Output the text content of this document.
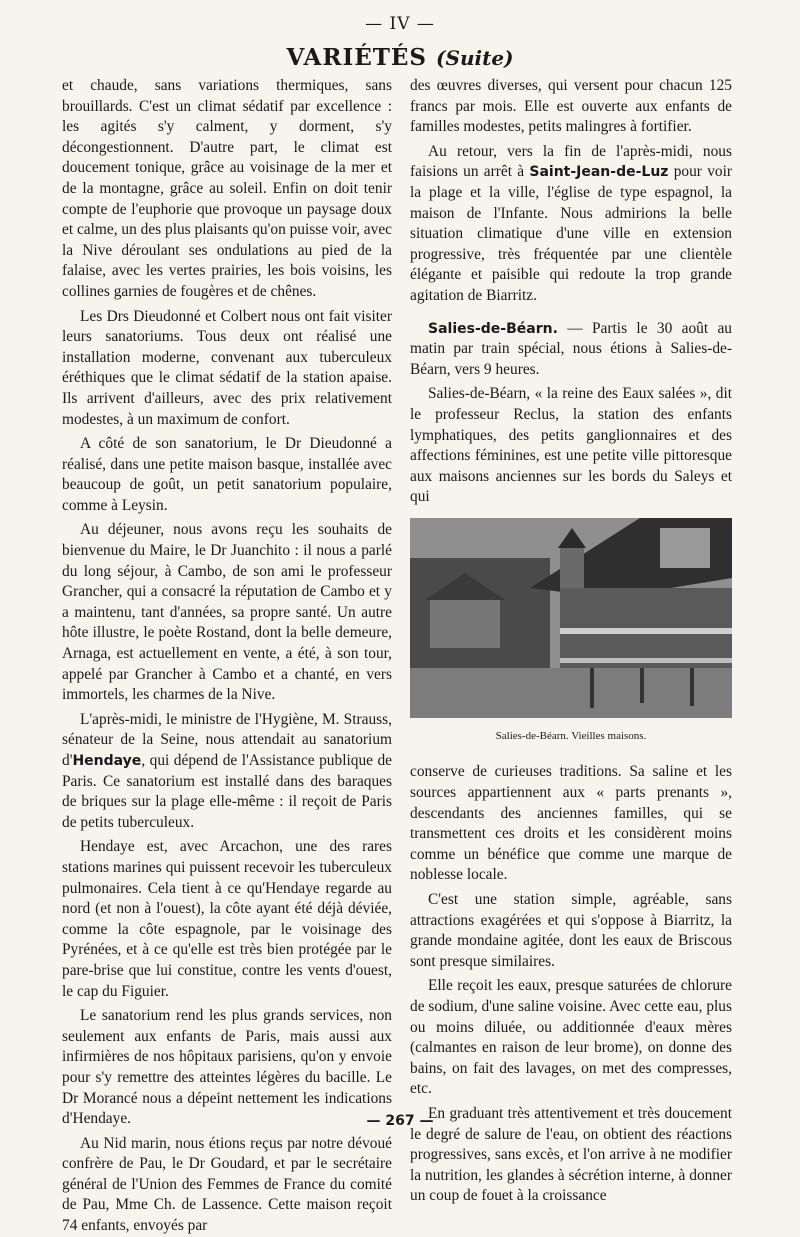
— IV —
VARIÉTÉS (Suite)

et chaude, sans variations thermiques, sans brouillards. C'est un climat sédatif par excellence : les agités s'y calment, y dorment, s'y décongestionnent. D'autre part, le climat est doucement tonique, grâce au voisinage de la mer et de la montagne, grâce au soleil. Enfin on doit tenir compte de l'euphorie que provoque un paysage doux et calme, un des plus plaisants qu'on puisse voir, avec la Nive déroulant ses ondulations au pied de la falaise, avec les vertes prairies, les bois voisins, les collines garnies de fougères et de chênes.

Les Drs Dieudonné et Colbert nous ont fait visiter leurs sanatoriums. Tous deux ont réalisé une installation moderne, convenant aux tuberculeux éréthiques que le climat sédatif de la station apaise. Ils arrivent d'ailleurs, avec des prix relativement modestes, à un maximum de confort.

A côté de son sanatorium, le Dr Dieudonné a réalisé, dans une petite maison basque, installée avec beaucoup de goût, un petit sanatorium populaire, comme à Leysin.

Au déjeuner, nous avons reçu les souhaits de bienvenue du Maire, le Dr Juanchito : il nous a parlé du long séjour, à Cambo, de son ami le professeur Grancher, qui a consacré la réputation de Cambo et y a maintenu, tant d'années, sa propre santé. Un autre hôte illustre, le poète Rostand, dont la belle demeure, Arnaga, est actuellement en vente, a été, à son tour, appelé par Grancher à Cambo et a chanté, en vers immortels, les charmes de la Nive.

L'après-midi, le ministre de l'Hygiène, M. Strauss, sénateur de la Seine, nous attendait au sanatorium d'Hendaye, qui dépend de l'Assistance publique de Paris. Ce sanatorium est installé dans des baraques de briques sur la plage elle-même : il reçoit de Paris de petits tuberculeux.

Hendaye est, avec Arcachon, une des rares stations marines qui puissent recevoir les tuberculeux pulmonaires. Cela tient à ce qu'Hendaye regarde au nord (et non à l'ouest), la côte ayant été déjà déviée, comme la côte espagnole, par le voisinage des Pyrénées, et à ce qu'elle est très bien protégée par le pare-brise que lui constitue, contre les vents d'ouest, le cap du Figuier.

Le sanatorium rend les plus grands services, non seulement aux enfants de Paris, mais aussi aux infirmières de nos hôpitaux parisiens, qu'on y envoie pour s'y remettre des atteintes légères du bacille. Le Dr Morancé nous a dépeint nettement les indications d'Hendaye.

Au Nid marin, nous étions reçus par notre dévoué confrère de Pau, le Dr Goudard, et par le secrétaire général de l'Union des Femmes de France du comité de Pau, Mme Ch. de Lassence. Cette maison reçoit 74 enfants, envoyés par

des œuvres diverses, qui versent pour chacun 125 francs par mois. Elle est ouverte aux enfants de familles modestes, petits malingres à fortifier.

Au retour, vers la fin de l'après-midi, nous faisions un arrêt à Saint-Jean-de-Luz pour voir la plage et la ville, l'église de type espagnol, la maison de l'Infante. Nous admirions la belle situation climatique d'une ville en extension progressive, très fréquentée par une clientèle élégante et paisible qui redoute la trop grande agitation de Biarritz.

Salies-de-Béarn. — Partis le 30 août au matin par train spécial, nous étions à Salies-de-Béarn, vers 9 heures.

Salies-de-Béarn, « la reine des Eaux salées », dit le professeur Reclus, la station des enfants lymphatiques, des petits ganglionnaires et des affections féminines, est une petite ville pittoresque aux maisons anciennes sur les bords du Saleys et qui

Salies-de-Béarn. Vieilles maisons.

conserve de curieuses traditions. Sa saline et les sources appartiennent aux « parts prenants », descendants des anciennes familles, qui se transmettent ces droits et les considèrent moins comme un bénéfice que comme une marque de noblesse locale.

C'est une station simple, agréable, sans attractions exagérées et qui s'oppose à Biarritz, la grande mondaine agitée, dont les eaux de Briscous sont presque similaires.

Elle reçoit les eaux, presque saturées de chlorure de sodium, d'une saline voisine. Avec cette eau, plus ou moins diluée, ou additionnée d'eaux mères (calmantes en raison de leur brome), on donne des bains, on fait des lavages, on met des compresses, etc.

En graduant très attentivement et très doucement le degré de salure de l'eau, on obtient des réactions progressives, sans excès, et l'on arrive à ne modifier la nutrition, les glandes à sécrétion interne, à donner un coup de fouet à la croissance

— 267 —
